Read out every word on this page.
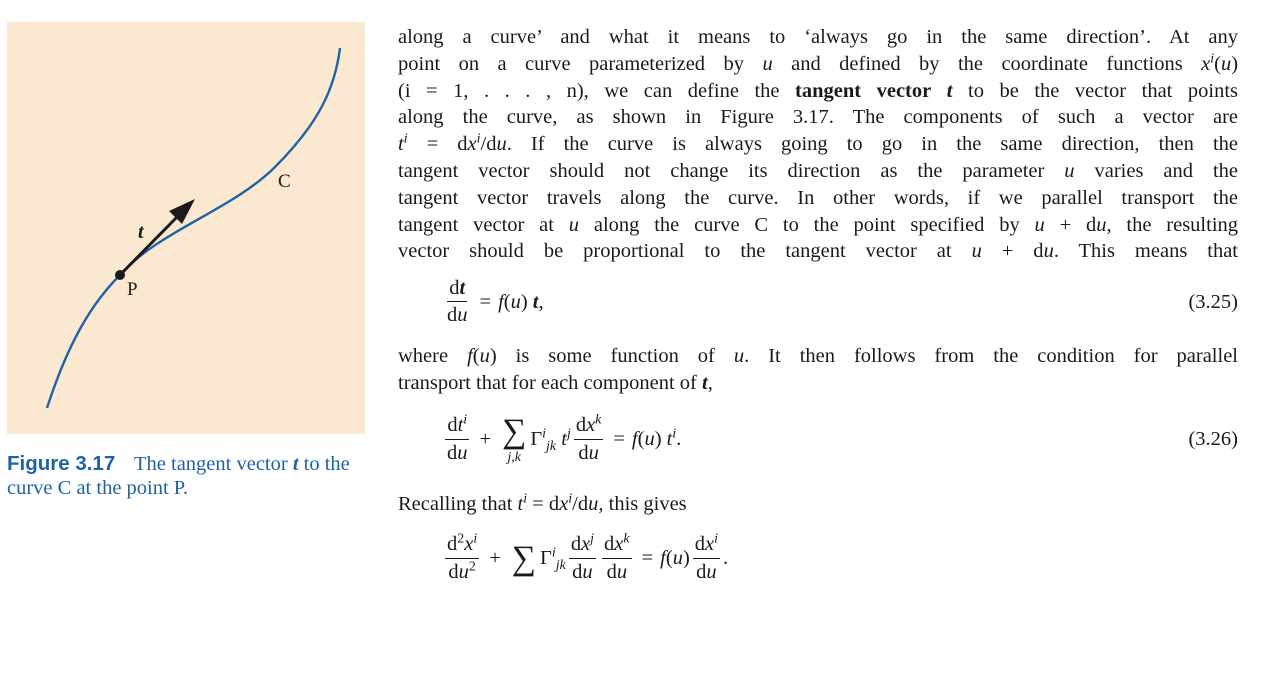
P
C
t
Figure 3.17 The tangent vector t to the curve C at the point P.

along a curve’ and what it means to ‘always go in the same direction’. At any
point on a curve parameterized by u and defined by the coordinate functions $x^i(u)$
(i = 1, . . . , n), we can define the tangent vector t to be the vector that points
along the curve, as shown in Figure 3.17. The components of such a vector are
$t^i = dx^i/du$. If the curve is always going to go in the same direction, then the
tangent vector should not change its direction as the parameter u varies and the
tangent vector travels along the curve. In other words, if we parallel transport the
tangent vector at u along the curve C to the point specified by u + du, the resulting
vector should be proportional to the tangent vector at u + du. This means that

$\frac{dt}{du} = f(u)$ t,	(3.25)

where f(u) is some function of u. It then follows from the condition for parallel

transport that for each component of t,

$\frac{dt^i}{du}$ + ∑
j,k
$\Gamma^i_{jk}$ $t^j \frac{dx^k}{du} = f(u)$ $t^i$.	(3.26)

Recalling that $t^i = dx^i/du$, this gives

$\frac{d^2x^i}{du^2}$ + ∑ $\Gamma^i_{jk} \frac{dx^j}{du} \frac{dx^k}{du} = f(u) \frac{dx^i}{du}$ .
